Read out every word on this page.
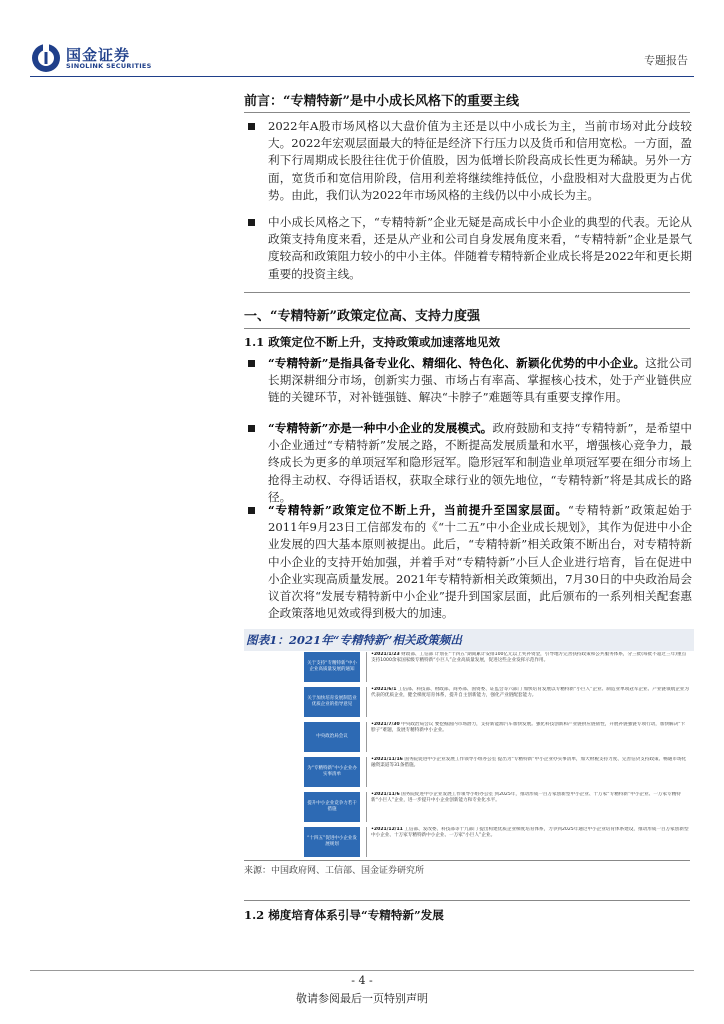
国金证券
SINOLINK SECURITIES	专题报告
前言：“专精特新”是中小成长风格下的重要主线
2022年A股市场风格以大盘价值为主还是以中小成长为主，当前市场对此分歧较大。2022年宏观层面最大的特征是经济下行压力以及货币和信用宽松。一方面，盈利下行周期成长股往往优于价值股，因为低增长阶段高成长性更为稀缺。另外一方面，宽货币和宽信用阶段，信用利差将继续维持低位，小盘股相对大盘股更为占优势。由此，我们认为2022年市场风格的主线仍以中小成长为主。
中小成长风格之下，“专精特新”企业无疑是高成长中小企业的典型的代表。无论从政策支持角度来看，还是从产业和公司自身发展角度来看，“专精特新”企业是景气度较高和政策阻力较小的中小主体。伴随着专精特新企业成长将是2022年和更长期重要的投资主线。
一、“专精特新”政策定位高、支持力度强
1.1 政策定位不断上升，支持政策或加速落地见效
“专精特新”是指具备专业化、精细化、特色化、新颖化优势的中小企业。这批公司长期深耕细分市场，创新实力强、市场占有率高、掌握核心技术，处于产业链供应链的关键环节，对补链强链、解决“卡脖子”难题等具有重要支撑作用。
“专精特新”亦是一种中小企业的发展模式。政府鼓励和支持“专精特新”，是希望中小企业通过“专精特新”发展之路，不断提高发展质量和水平，增强核心竞争力，最终成长为更多的单项冠军和隐形冠军。隐形冠军和制造业单项冠军要在细分市场上抢得主动权、夺得话语权，获取全球行业的领先地位，“专精特新”将是其成长的路径。
“专精特新”政策定位不断上升，当前提升至国家层面。“专精特新”政策起始于2011年9月23日工信部发布的《“十二五”中小企业成长规划》，其作为促进中小企业发展的四大基本原则被提出。此后，“专精特新”相关政策不断出台，对专精特新中小企业的支持开始加强，并着手对“专精特新”小巨人企业进行培育，旨在促进中小企业实现高质量发展。2021年专精特新相关政策频出，7月30日的中央政治局会议首次将“发展专精特新中小企业”提升到国家层面，此后颁布的一系列相关配套惠企政策落地见效或得到极大的加速。
图表1：2021年“专精特新”相关政策频出
关于支持“专精特新”中小企业高质量发展的通知
•2021/1/23 财政部、工信部 计划在“十四五”期间累计安排100亿元以上奖补资金，引导地方完善扶持政策和公共服务体系，分三批(每批不超过三年)重点支持1000余家国家级专精特新“小巨人”企业高质量发展，促进这些企业发挥示范作用。
关于加快培育发展制造业优质企业的指导意见
•2021/6/1 工信部、科技部、财政部、商务部、国资委、证监会等六部门 加快培育发展以专精特新“小巨人”企业、制造业单项冠军企业、产业链领航企业为代表的优质企业，健全梯度培育体系，提升自主创新能力，强化产业链配套能力。
中央政治局会议
•2021/7/30 中央政治局会议 要挖掘国内市场潜力，支持新能源汽车加快发展。强化科技创新和产业链供应链韧性，开展补链强链专项行动，加快解决“卡脖子”难题，发展专精特新中小企业。
为“专精特新”中小企业办实事清单
•2021/11/16 国务院促进中小企业发展工作领导小组办公室 提出为“专精特新”中小企业办实事清单，加大财税支持力度、完善信贷支持政策、畅通市场化融资渠道等31条措施。
提升中小企业竞争力若干措施
•2021/11/6 国务院促进中小企业发展工作领导小组办公室 到2025年，推动形成一百万家创新型中小企业、十万家“专精特新”中小企业、一万家专精特新“小巨人”企业，进一步提升中小企业创新能力和专业化水平。
“十四五”促进中小企业发展规划
•2021/12/11 工信部、发改委、科技部等十九部门 提出构建优质企业梯度培育体系，力争到2025年通过中小企业培育体系建设，推动形成一百万家创新型中小企业、十万家专精特新中小企业、一万家“小巨人”企业。
来源：中国政府网、工信部、国金证券研究所
1.2 梯度培育体系引导“专精特新”发展
- 4 -
敬请参阅最后一页特别声明
